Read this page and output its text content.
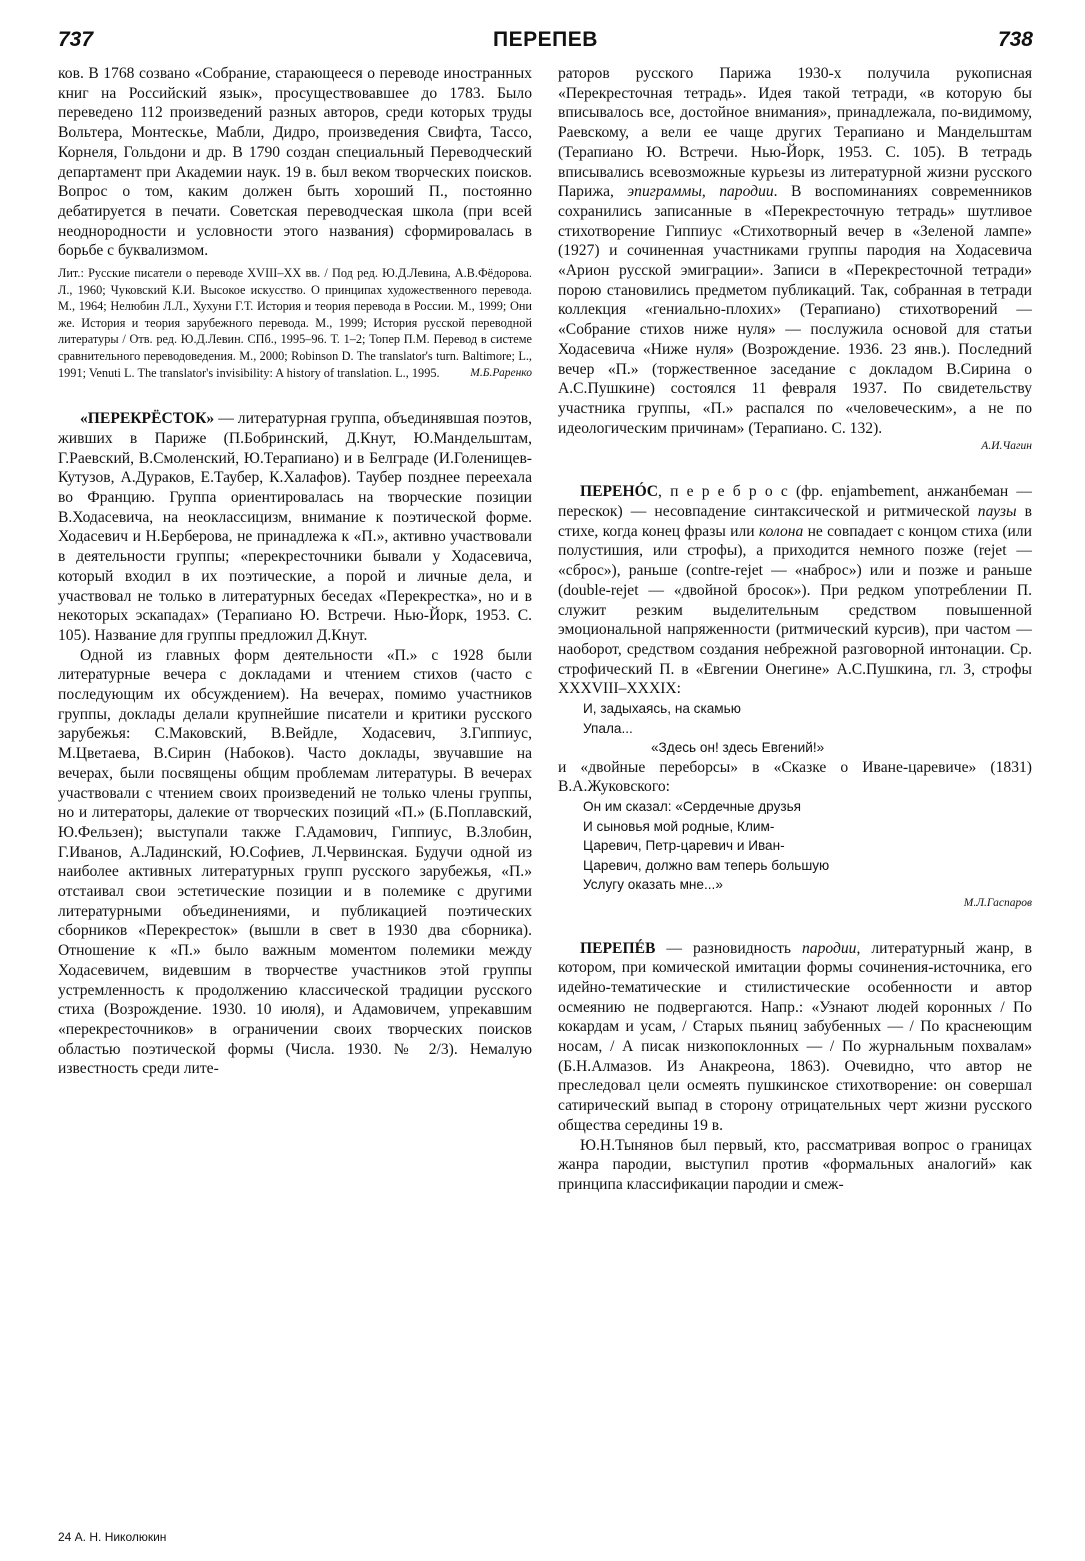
737	ПЕРЕПЕВ	738

ков. В 1768 созвано «Собрание, старающееся о переводе иностранных книг на Российский язык», просуществовавшее до 1783. Было переведено 112 произведений разных авторов, среди которых труды Вольтера, Монтескье, Мабли, Дидро, произведения Свифта, Тассо, Корнеля, Гольдони и др. В 1790 создан специальный Переводческий департамент при Академии наук. 19 в. был веком творческих поисков. Вопрос о том, каким должен быть хороший П., постоянно дебатируется в печати. Советская переводческая школа (при всей неоднородности и условности этого названия) сформировалась в борьбе с буквализмом.

Лит.: Русские писатели о переводе XVIII–XX вв. / Под ред. Ю.Д.Левина, А.В.Фёдорова. Л., 1960; Чуковский К.И. Высокое искусство. О принципах художественного перевода. М., 1964; Нелюбин Л.Л., Хухуни Г.Т. История и теория перевода в России. М., 1999; Они же. История и теория зарубежного перевода. М., 1999; История русской переводной литературы / Отв. ред. Ю.Д.Левин. СПб., 1995–96. Т. 1–2; Топер П.М. Перевод в системе сравнительного переводоведения. М., 2000; Robinson D. The translator's turn. Baltimore; L., 1991; Venuti L. The translator's invisibility: A history of translation. L., 1995.	М.Б.Раренко

«ПЕРЕКРЁСТОК» — литературная группа, объединявшая поэтов, живших в Париже (П.Бобринский, Д.Кнут, Ю.Мандельштам, Г.Раевский, В.Смоленский, Ю.Терапиано) и в Белграде (И.Голенищев-Кутузов, А.Дураков, Е.Таубер, К.Халафов). Таубер позднее переехала во Францию. Группа ориентировалась на творческие позиции В.Ходасевича, на неоклассицизм, внимание к поэтической форме. Ходасевич и Н.Берберова, не принадлежа к «П.», активно участвовали в деятельности группы; «перекресточники бывали у Ходасевича, который входил в их поэтические, а порой и личные дела, и участвовал не только в литературных беседах «Перекрестка», но и в некоторых эскападах» (Терапиано Ю. Встречи. Нью-Йорк, 1953. С. 105). Название для группы предложил Д.Кнут.

Одной из главных форм деятельности «П.» с 1928 были литературные вечера с докладами и чтением стихов (часто с последующим их обсуждением). На вечерах, помимо участников группы, доклады делали крупнейшие писатели и критики русского зарубежья: С.Маковский, В.Вейдле, Ходасевич, З.Гиппиус, М.Цветаева, В.Сирин (Набоков). Часто доклады, звучавшие на вечерах, были посвящены общим проблемам литературы. В вечерах участвовали с чтением своих произведений не только члены группы, но и литераторы, далекие от творческих позиций «П.» (Б.Поплавский, Ю.Фельзен); выступали также Г.Адамович, Гиппиус, В.Злобин, Г.Иванов, А.Ладинский, Ю.Софиев, Л.Червинская. Будучи одной из наиболее активных литературных групп русского зарубежья, «П.» отстаивал свои эстетические позиции и в полемике с другими литературными объединениями, и публикацией поэтических сборников «Перекресток» (вышли в свет в 1930 два сборника). Отношение к «П.» было важным моментом полемики между Ходасевичем, видевшим в творчестве участников этой группы устремленность к продолжению классической традиции русского стиха (Возрождение. 1930. 10 июля), и Адамовичем, упрекавшим «перекресточников» в ограничении своих творческих поисков областью поэтической формы (Числа. 1930. № 2/3). Немалую известность среди лите-

раторов русского Парижа 1930-х получила рукописная «Перекресточная тетрадь». Идея такой тетради, «в которую бы вписывалось все, достойное внимания», принадлежала, по-видимому, Раевскому, а вели ее чаще других Терапиано и Мандельштам (Терапиано Ю. Встречи. Нью-Йорк, 1953. С. 105). В тетрадь вписывались всевозможные курьезы из литературной жизни русского Парижа, эпиграммы, пародии. В воспоминаниях современников сохранились записанные в «Перекресточную тетрадь» шутливое стихотворение Гиппиус «Стихотворный вечер в «Зеленой лампе» (1927) и сочиненная участниками группы пародия на Ходасевича «Арион русской эмиграции». Записи в «Перекресточной тетради» порою становились предметом публикаций. Так, собранная в тетради коллекция «гениально-плохих» (Терапиано) стихотворений — «Собрание стихов ниже нуля» — послужила основой для статьи Ходасевича «Ниже нуля» (Возрождение. 1936. 23 янв.). Последний вечер «П.» (торжественное заседание с докладом В.Сирина о А.С.Пушкине) состоялся 11 февраля 1937. По свидетельству участника группы, «П.» распался по «человеческим», а не по идеологическим причинам» (Терапиано. С. 132).

А.И.Чагин

ПЕРЕНÓС, п е р е б р о с (фр. enjambement, анжанбеман — перескок) — несовпадение синтаксической и ритмической паузы в стихе, когда конец фразы или колона не совпадает с концом стиха (или полустишия, или строфы), а приходится немного позже (rejet — «сброс»), раньше (contre-rejet — «наброс») или и позже и раньше (double-rejet — «двойной бросок»). При редком употреблении П. служит резким выделительным средством повышенной эмоциональной напряженности (ритмический курсив), при частом — наоборот, средством создания небрежной разговорной интонации. Ср. строфический П. в «Евгении Онегине» А.С.Пушкина, гл. 3, строфы XXXVIII–XXXIX:

И, задыхаясь, на скамью
Упала...
«Здесь он! здесь Евгений!»

и «двойные переборсы» в «Сказке о Иване-царевиче» (1831) В.А.Жуковского:

Он им сказал: «Сердечные друзья
И сыновья мой родные, Клим-
Царевич, Петр-царевич и Иван-
Царевич, должно вам теперь большую
Услугу оказать мне...»
М.Л.Гаспаров

ПЕРЕПÉВ — разновидность пародии, литературный жанр, в котором, при комической имитации формы сочинения-источника, его идейно-тематические и стилистические особенности и автор осмеянию не подвергаются. Напр.: «Узнают людей коронных / По кокардам и усам, / Старых пьяниц забубенных — / По краснеющим носам, / А писак низкопоклонных — / По журнальным похвалам» (Б.Н.Алмазов. Из Анакреона, 1863). Очевидно, что автор не преследовал цели осмеять пушкинское стихотворение: он совершал сатирический выпад в сторону отрицательных черт жизни русского общества середины 19 в.

Ю.Н.Тынянов был первый, кто, рассматривая вопрос о границах жанра пародии, выступил против «формальных аналогий» как принципа классификации пародии и смеж-

24 А. Н. Николюкин
